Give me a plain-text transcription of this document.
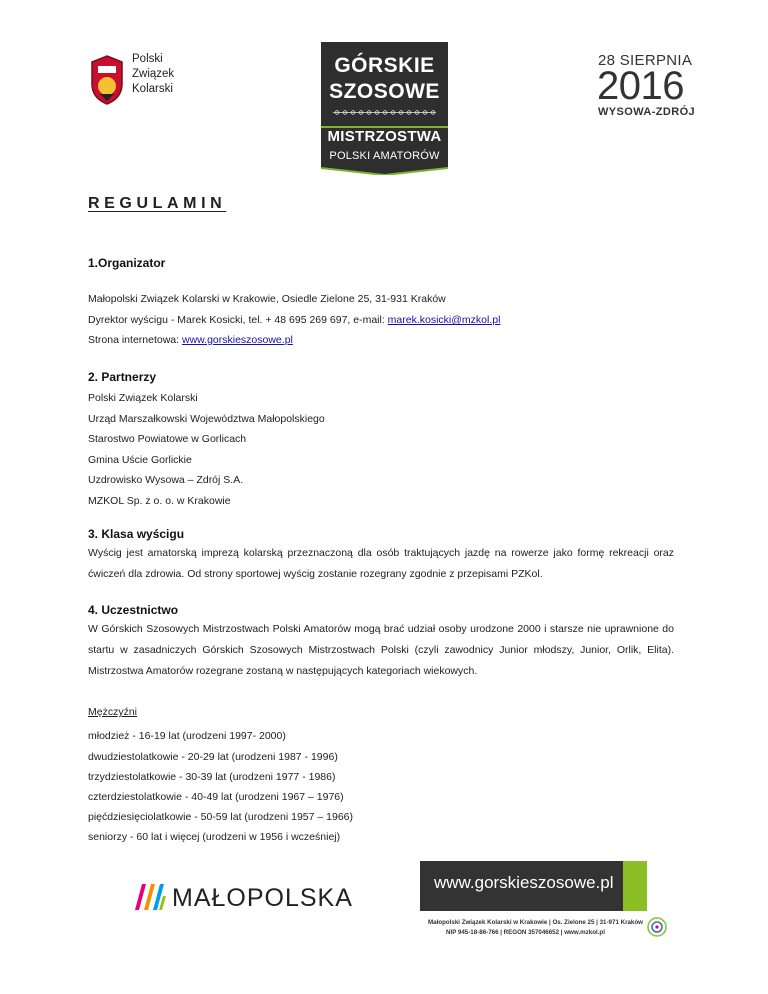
Polski
Związek
Kolarski
GÓRSKIE
SZOSOWE
MISTRZOSTWA
POLSKI AMATORÓW
28 SIERPNIA
2016
WYSOWA-ZDRÓJ
REGULAMIN
1.Organizator
Małopolski Związek Kolarski w Krakowie, Osiedle Zielone 25, 31-931 Kraków
Dyrektor wyścigu - Marek Kosicki, tel. + 48 695 269 697, e-mail: marek.kosicki@mzkol.pl
Strona internetowa: www.gorskieszosowe.pl
2. Partnerzy
Polski Związek Kolarski
Urząd Marszałkowski Województwa Małopolskiego
Starostwo Powiatowe w Gorlicach
Gmina Uście Gorlickie
Uzdrowisko Wysowa – Zdrój S.A.
MZKOL Sp. z o. o. w Krakowie
3. Klasa wyścigu
Wyścig jest amatorską imprezą kolarską przeznaczoną dla osób traktujących jazdę na rowerze jako formę rekreacji oraz ćwiczeń dla zdrowia. Od strony sportowej wyścig zostanie rozegrany zgodnie z przepisami PZKol.
4. Uczestnictwo
W Górskich Szosowych Mistrzostwach Polski Amatorów mogą brać udział osoby urodzone 2000 i starsze nie uprawnione do startu w zasadniczych Górskich Szosowych Mistrzostwach Polski (czyli zawodnicy Junior młodszy, Junior, Orlik, Elita). Mistrzostwa Amatorów rozegrane zostaną w następujących kategoriach wiekowych.
Mężczyźni
młodzież - 16-19 lat (urodzeni 1997- 2000)
dwudziestolatkowie - 20-29 lat (urodzeni 1987 - 1996)
trzydziestolatkowie - 30-39 lat (urodzeni 1977 - 1986)
czterdziestolatkowie - 40-49 lat (urodzeni 1967 – 1976)
pięćdziesięciolatkowie - 50-59 lat (urodzeni 1957 – 1966)
seniorzy - 60 lat i więcej (urodzeni w 1956 i wcześniej)
MAŁOPOLSKA
www.gorskieszosowe.pl
Małopolski Związek Kolarski w Krakowie | Os. Zielone 25 | 31-971 Kraków
NIP 945-18-86-766 | REGON 357046652 | www.mzkol.pl
